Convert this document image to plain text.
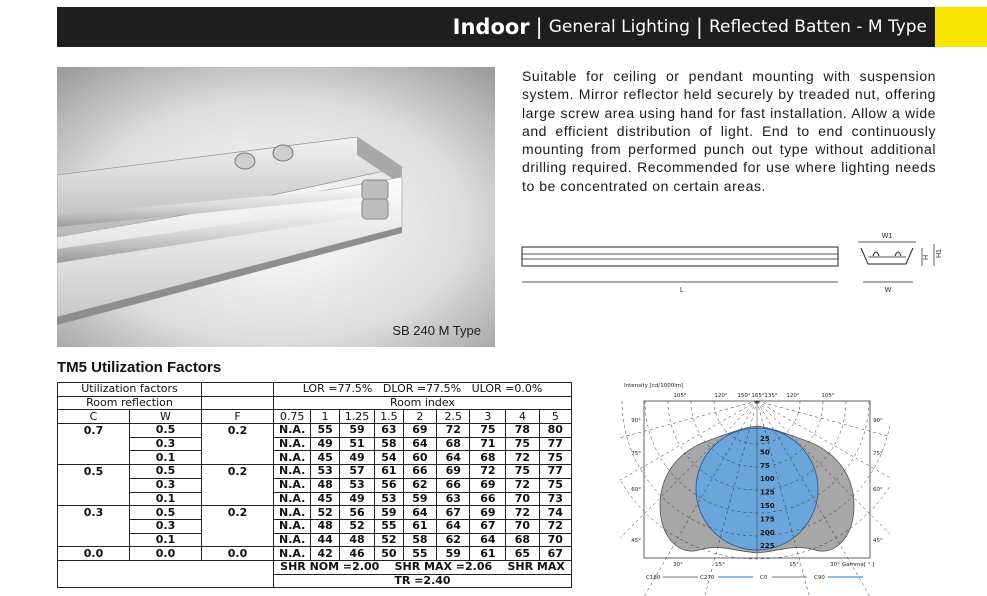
Indoor | General Lighting | Reflected Batten - M Type
SB 240 M Type
Suitable for ceiling or pendant mounting with suspension system. Mirror reflector held securely by treaded nut, offering large screw area using hand for fast installation. Allow a wide and efficient distribution of light. End to end continuously mounting from performed punch out type without additional drilling required. Recommended for use where lighting needs to be concentrated on certain areas.
L
W1
W
H H1
TM5 Utilization Factors
Utilization factors			LOR =77.5% DLOR =77.5% ULOR =0.0%								
Room reflection			Room index								
C	W	F	0.75	1	1.25	1.5	2	2.5	3	4	5
0.7	0.5	0.2	N.A.	55	59	63	69	72	75	78	80
	0.3		N.A.	49	51	58	64	68	71	75	77
	0.1		N.A.	45	49	54	60	64	68	72	75
0.5	0.5	0.2	N.A.	53	57	61	66	69	72	75	77
	0.3		N.A.	48	53	56	62	66	69	72	75
	0.1		N.A.	45	49	53	59	63	66	70	73
0.3	0.5	0.2	N.A.	52	56	59	64	67	69	72	74
	0.3		N.A.	48	52	55	61	64	67	70	72
	0.1		N.A.	44	48	52	58	62	64	68	70
0.0	0.0	0.0	N.A.	42	46	50	55	59	61	65	67
			SHR NOM =2.00 SHR MAX =2.06 SHR MAX								
			TR =2.40								
Intensity [cd/1000lm]
105°	120° 150° 165° 135° 120°	105°
25
50
75
100
125
150
175
200
225
90°
75°
60°
45°
90°
75°
60°
45°
30°	15°	15°	30° Gamma[ ° ]
C180	C270	C0	C90
